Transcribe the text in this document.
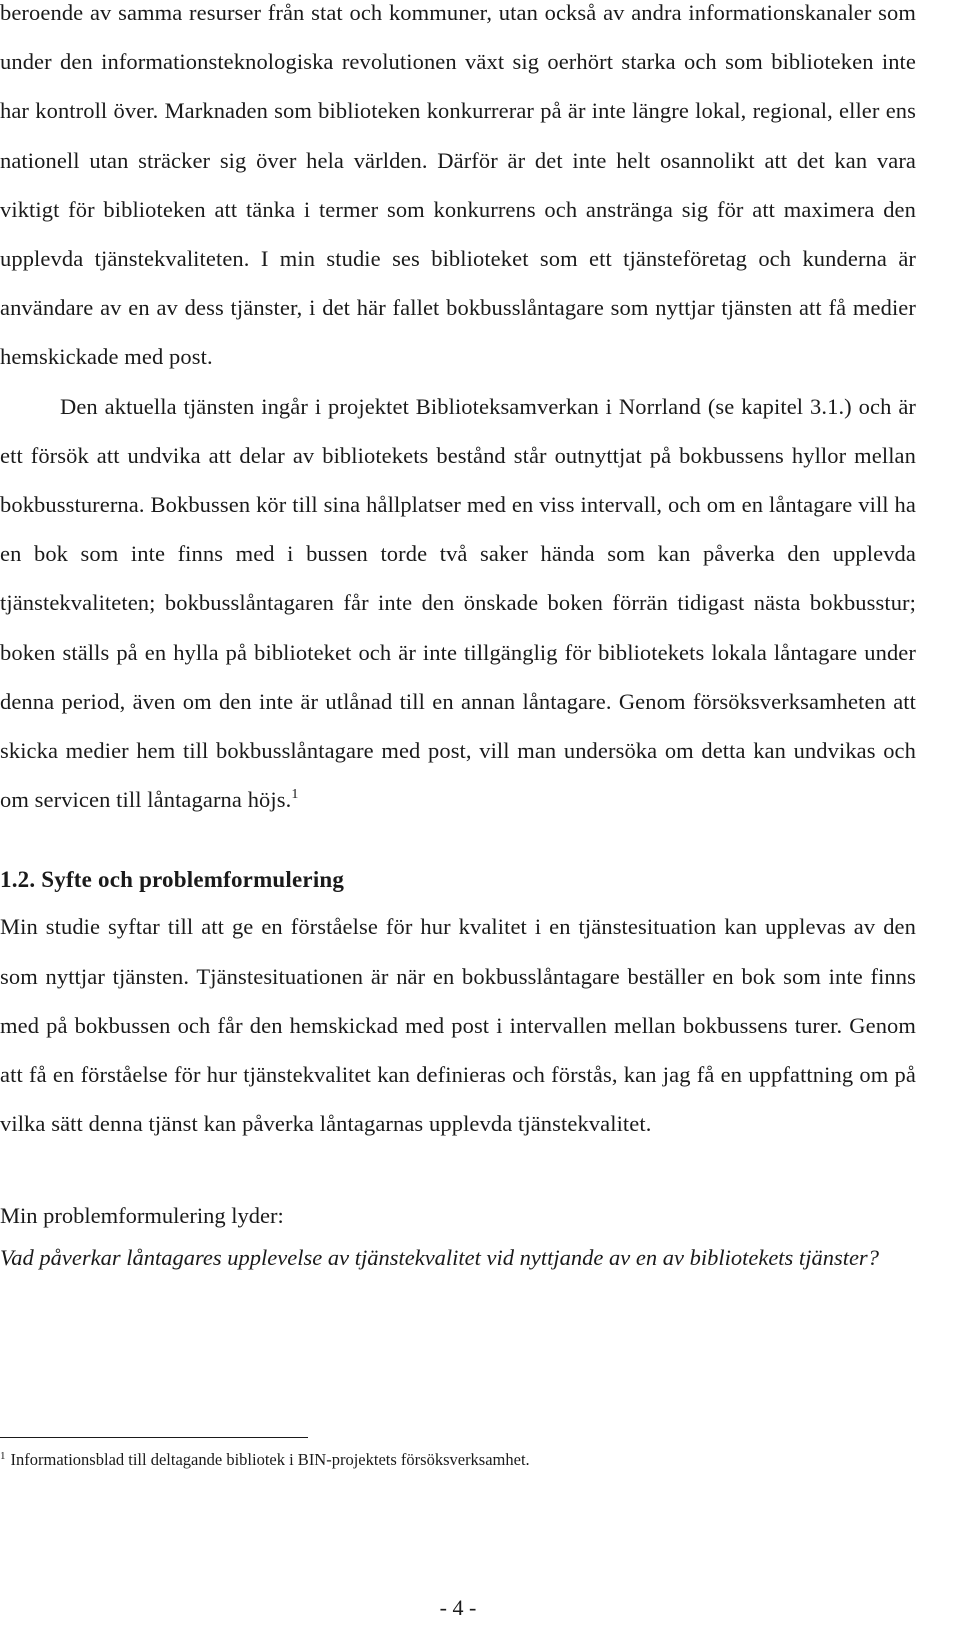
beroende av samma resurser från stat och kommuner, utan också av andra informationskanaler som under den informationsteknologiska revolutionen växt sig oerhört starka och som biblioteken inte har kontroll över. Marknaden som biblioteken konkurrerar på är inte längre lokal, regional, eller ens nationell utan sträcker sig över hela världen. Därför är det inte helt osannolikt att det kan vara viktigt för biblioteken att tänka i termer som konkurrens och anstränga sig för att maximera den upplevda tjänstekvaliteten. I min studie ses biblioteket som ett tjänsteföretag och kunderna är användare av en av dess tjänster, i det här fallet bokbusslåntagare som nyttjar tjänsten att få medier hemskickade med post.

Den aktuella tjänsten ingår i projektet Biblioteksamverkan i Norrland (se kapitel 3.1.) och är ett försök att undvika att delar av bibliotekets bestånd står outnyttjat på bokbussens hyllor mellan bokbussturerna. Bokbussen kör till sina hållplatser med en viss intervall, och om en låntagare vill ha en bok som inte finns med i bussen torde två saker hända som kan påverka den upplevda tjänstekvaliteten; bokbusslåntagaren får inte den önskade boken förrän tidigast nästa bokbusstur; boken ställs på en hylla på biblioteket och är inte tillgänglig för bibliotekets lokala låntagare under denna period, även om den inte är utlånad till en annan låntagare. Genom försöksverksamheten att skicka medier hem till bokbusslåntagare med post, vill man undersöka om detta kan undvikas och om servicen till låntagarna höjs.$^1$

1.2. Syfte och problemformulering

Min studie syftar till att ge en förståelse för hur kvalitet i en tjänstesituation kan upplevas av den som nyttjar tjänsten. Tjänstesituationen är när en bokbusslåntagare beställer en bok som inte finns med på bokbussen och får den hemskickad med post i intervallen mellan bokbussens turer. Genom att få en förståelse för hur tjänstekvalitet kan definieras och förstås, kan jag få en uppfattning om på vilka sätt denna tjänst kan påverka låntagarnas upplevda tjänstekvalitet.

Min problemformulering lyder:

Vad påverkar låntagares upplevelse av tjänstekvalitet vid nyttjande av en av bibliotekets tjänster?

$^1$ Informationsblad till deltagande bibliotek i BIN-projektets försöksverksamhet.
- 4 -
